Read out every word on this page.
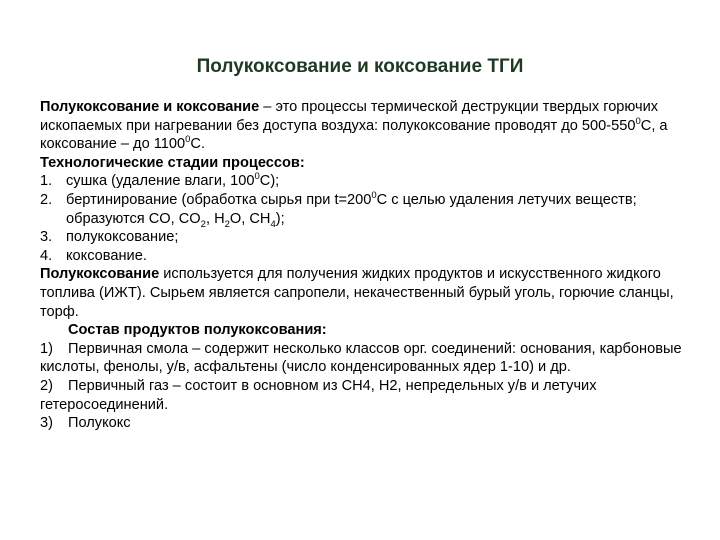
Полукоксование и коксование ТГИ

Полукоксование и коксование – это процессы термической деструкции твердых горючих ископаемых при нагревании без доступа воздуха: полукоксование проводят до $500-550^0С$, а коксование – до 1100$^0$С.

Технологические стадии процессов:

1. сушка (удаление влаги, $100^0С$);
2. бертинирование (обработка сырья при $t=200^0С$ с целью удаления летучих веществ; образуются CO, $CO_2$, $H_2O$, $CH_4$);
3. полукоксование;
4. коксование.

Полукоксование используется для получения жидких продуктов и искусственного жидкого топлива (ИЖТ). Сырьем является сапропели, некачественный бурый уголь, горючие сланцы, торф.

Состав продуктов полукоксования:

1) Первичная смола – содержит несколько классов орг. соединений: основания, карбоновые кислоты, фенолы, у/в, асфальтены (число конденсированных ядер 1-10) и др.

2) Первичный газ – состоит в основном из CH4, H2, непредельных у/в и летучих гетеросоединений.

3) Полукокс
